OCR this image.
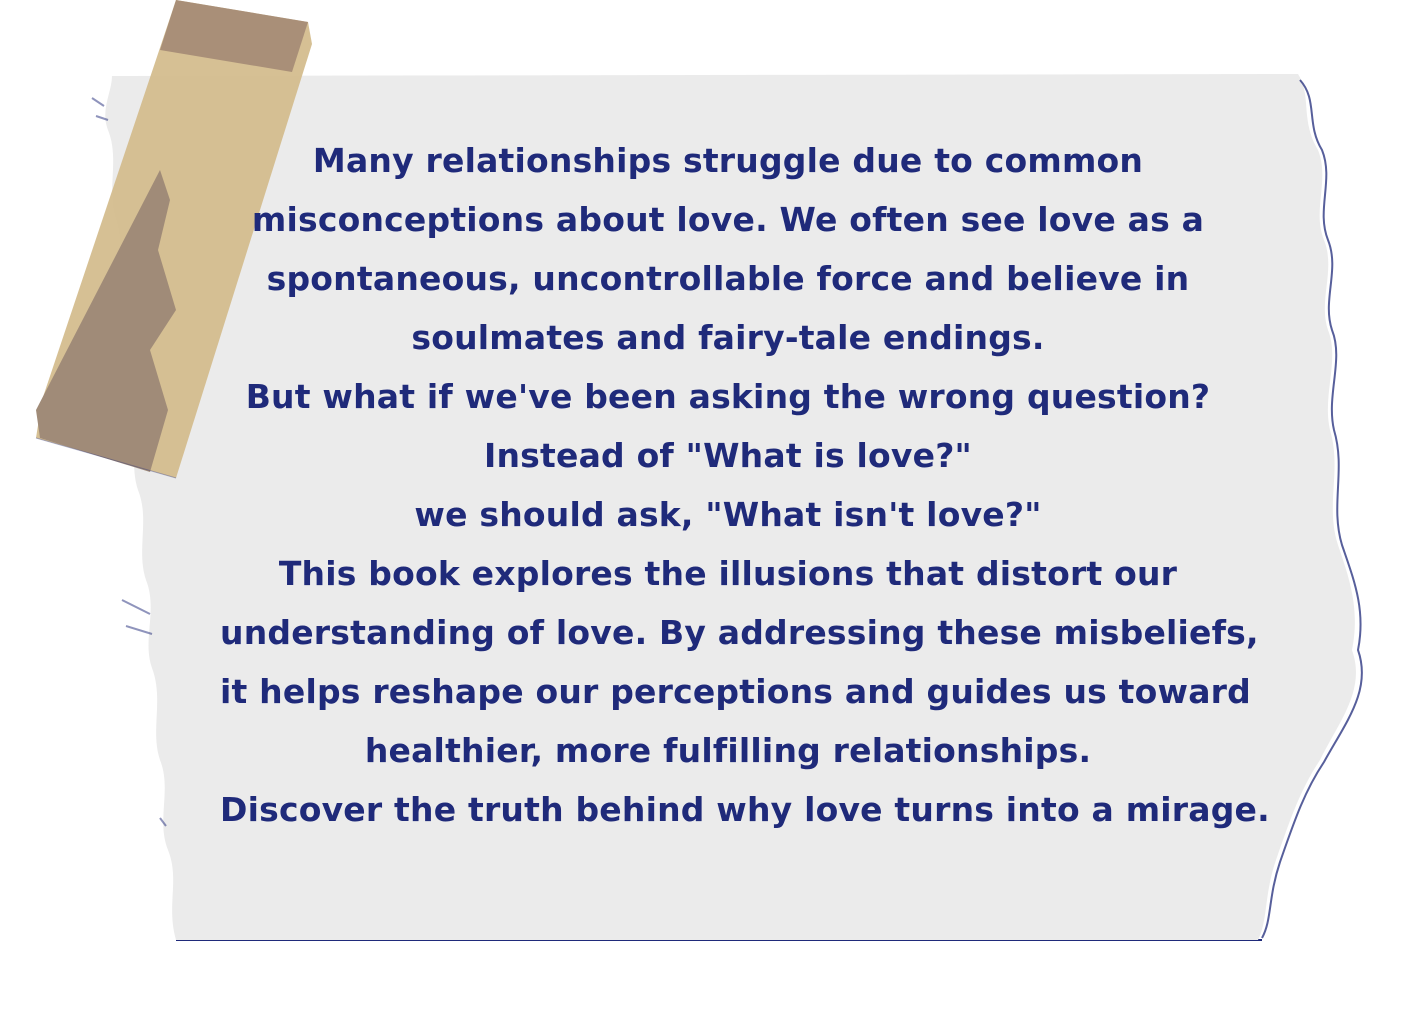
Many relationships struggle due to common
misconceptions about love. We often see love as a
spontaneous, uncontrollable force and believe in
soulmates and fairy-tale endings.
But what if we've been asking the wrong question?
Instead of "What is love?"
we should ask, "What isn't love?"
This book explores the illusions that distort our
understanding of love. By addressing these misbeliefs,
it helps reshape our perceptions and guides us toward
healthier, more fulfilling relationships.
Discover the truth behind why love turns into a mirage.
